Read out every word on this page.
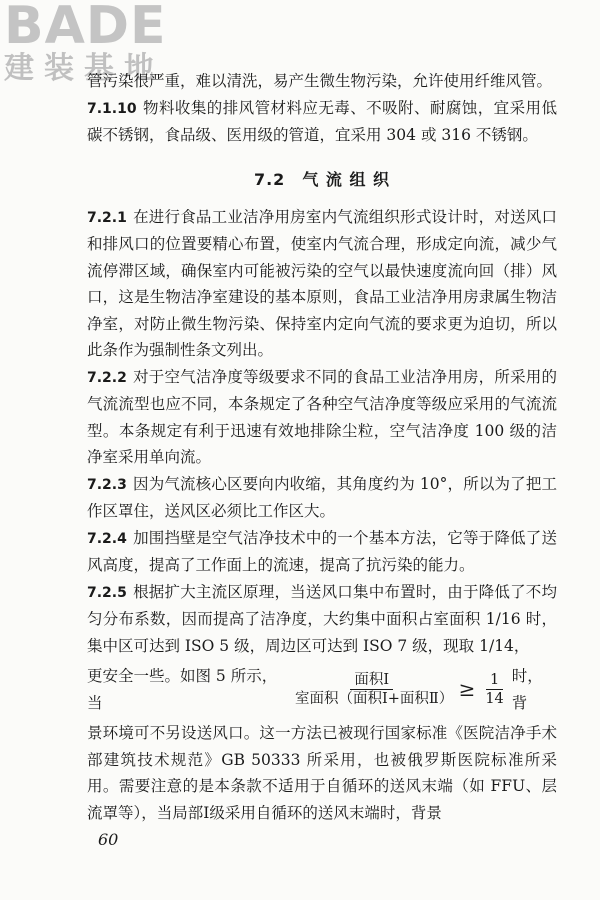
BADE
建装基地

管污染很严重，难以清洗，易产生微生物污染，允许使用纤维风管。

7.1.10 物料收集的排风管材料应无毒、不吸附、耐腐蚀，宜采用低碳不锈钢，食品级、医用级的管道，宜采用 304 或 316 不锈钢。

7.2　气 流 组 织

7.2.1 在进行食品工业洁净用房室内气流组织形式设计时，对送风口和排风口的位置要精心布置，使室内气流合理，形成定向流，减少气流停滞区域，确保室内可能被污染的空气以最快速度流向回（排）风口，这是生物洁净室建设的基本原则，食品工业洁净用房隶属生物洁净室，对防止微生物污染、保持室内定向气流的要求更为迫切，所以此条作为强制性条文列出。

7.2.2 对于空气洁净度等级要求不同的食品工业洁净用房，所采用的气流流型也应不同，本条规定了各种空气洁净度等级应采用的气流流型。本条规定有利于迅速有效地排除尘粒，空气洁净度 100 级的洁净室采用单向流。

7.2.3 因为气流核心区要向内收缩，其角度约为 10°，所以为了把工作区罩住，送风区必须比工作区大。

7.2.4 加围挡壁是空气洁净技术中的一个基本方法，它等于降低了送风高度，提高了工作面上的流速，提高了抗污染的能力。

7.2.5 根据扩大主流区原理，当送风口集中布置时，由于降低了不均匀分布系数，因而提高了洁净度，大约集中面积占室面积 1/16 时，集中区可达到 ISO 5 级，周边区可达到 ISO 7 级，现取 1/14，

更安全一些。如图 5 所示，当	$\frac{\text{面积Ⅰ}}{\text{室面积（面积Ⅰ+面积Ⅱ）}} \ge \frac{1}{14}$ 时，背

景环境可不另设送风口。这一方法已被现行国家标准《医院洁净手术部建筑技术规范》GB 50333 所采用，也被俄罗斯医院标准所采用。需要注意的是本条款不适用于自循环的送风末端（如 FFU、层流罩等），当局部Ⅰ级采用自循环的送风末端时，背景

60
